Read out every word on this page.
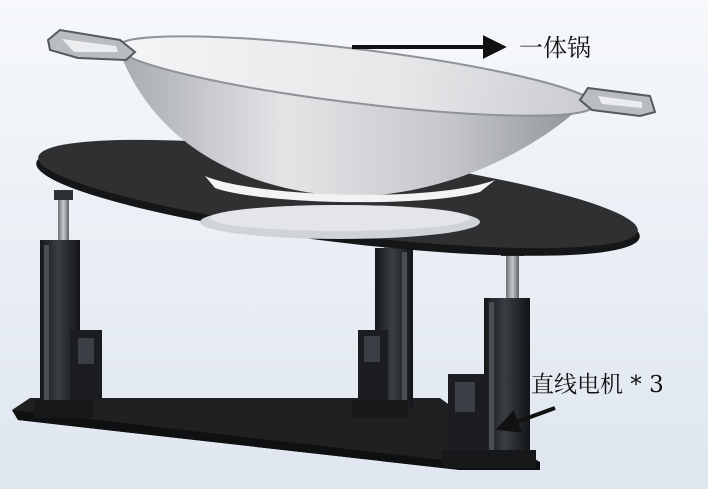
一体锅
直线电机 * 3
